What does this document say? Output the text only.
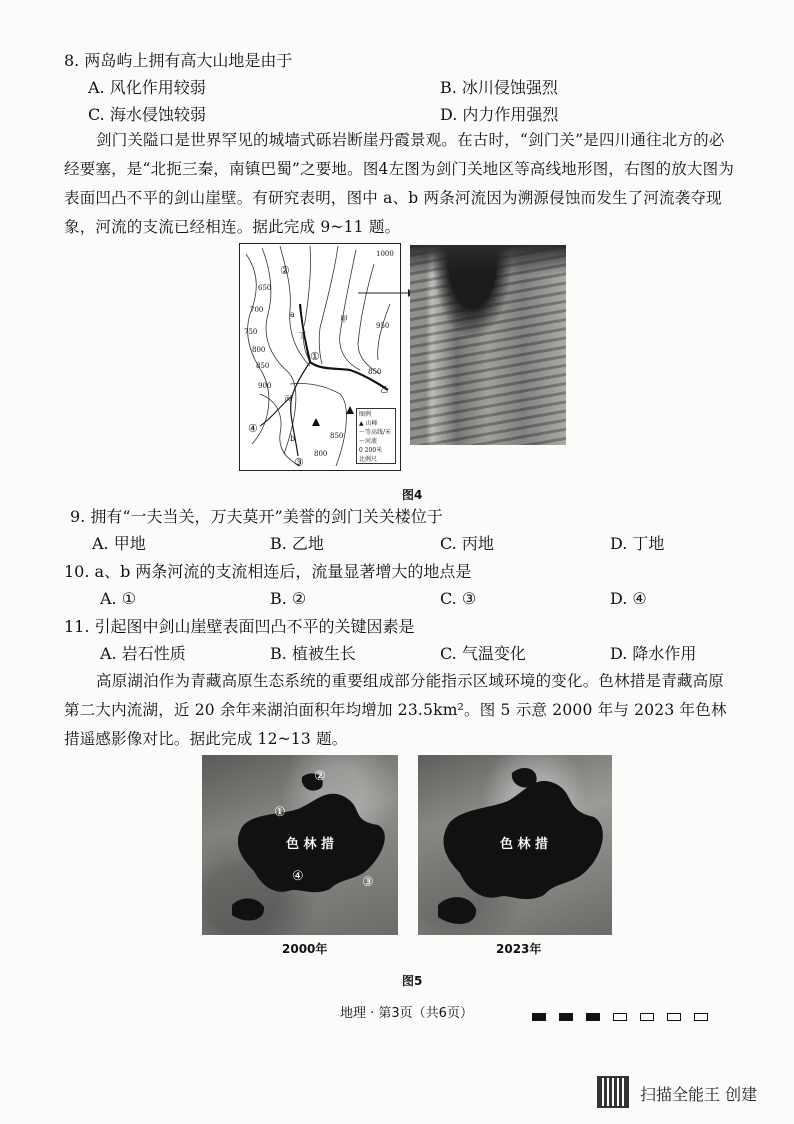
8. 两岛屿上拥有高大山地是由于
A. 风化作用较弱	B. 冰川侵蚀强烈
C. 海水侵蚀较弱	D. 内力作用强烈
剑门关隘口是世界罕见的城墙式砾岩断崖丹霞景观。在古时，“剑门关”是四川通往北方的必经要塞，是“北扼三秦，南镇巴蜀”之要地。图4左图为剑门关地区等高线地形图，右图的放大图为表面凹凸不平的剑山崖壁。有研究表明，图中 a、b 两条河流因为溯源侵蚀而发生了河流袭夺现象，河流的支流已经相连。据此完成 9~11 题。
1000
650
700
750
800
850
900
950
850
850
800
甲
乙
丙
丁
a
b
①
②
③
④
图例
▲ 山峰
〜等高线/米
〜河流
0 200米
比例尺
图4
9. 拥有“一夫当关，万夫莫开”美誉的剑门关关楼位于
A. 甲地	B. 乙地	C. 丙地	D. 丁地
10. a、b 两条河流的支流相连后，流量显著增大的地点是
A. ①	B. ②	C. ③	D. ④
11. 引起图中剑山崖壁表面凹凸不平的关键因素是
A. 岩石性质	B. 植被生长	C. 气温变化	D. 降水作用
高原湖泊作为青藏高原生态系统的重要组成部分能指示区域环境的变化。色林措是青藏高原第二大内流湖，近 20 余年来湖泊面积年均增加 23.5km²。图 5 示意 2000 年与 2023 年色林措遥感影像对比。据此完成 12~13 题。
色 林 措
①
②
③
④
2000年
色 林 措
2023年
图5
地理 · 第3页（共6页）
扫描全能王 创建
